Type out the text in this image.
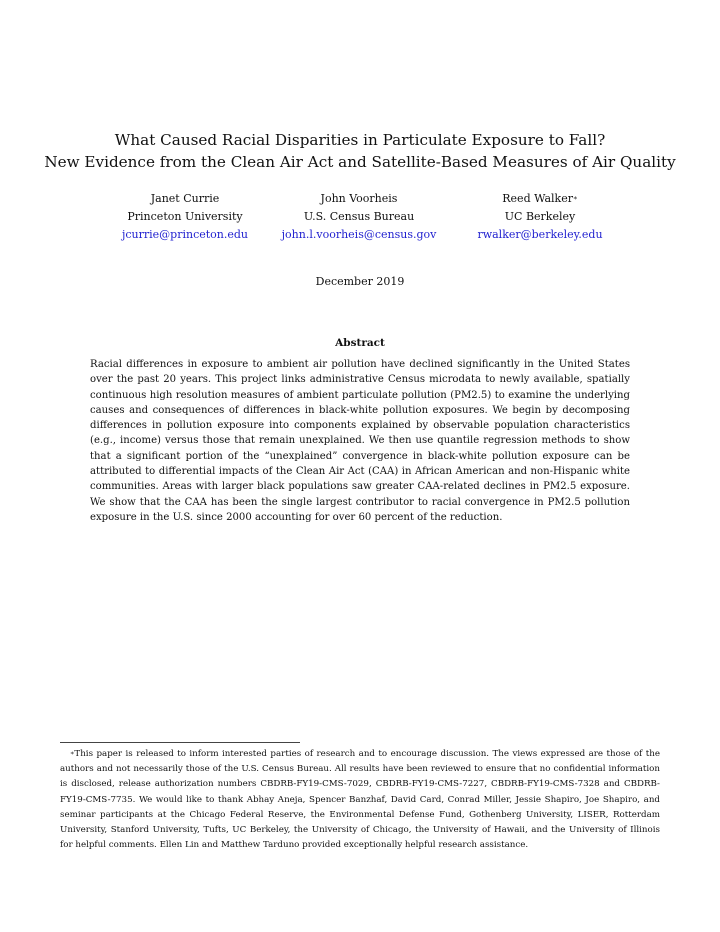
What Caused Racial Disparities in Particulate Exposure to Fall?
New Evidence from the Clean Air Act and Satellite-Based Measures of Air Quality
Janet Currie
Princeton University
jcurrie@princeton.edu
John Voorheis
U.S. Census Bureau
john.l.voorheis@census.gov
Reed Walker∗
UC Berkeley
rwalker@berkeley.edu
December 2019
Abstract
Racial differences in exposure to ambient air pollution have declined significantly in the United States over the past 20 years. This project links administrative Census microdata to newly available, spatially continuous high resolution measures of ambient particulate pollution (PM2.5) to examine the underlying causes and consequences of differences in black-white pollution exposures. We begin by decomposing differences in pollution exposure into components explained by observable population characteristics (e.g., income) versus those that remain unexplained. We then use quantile regression methods to show that a significant portion of the “unexplained” convergence in black-white pollution exposure can be attributed to differential impacts of the Clean Air Act (CAA) in African American and non-Hispanic white communities. Areas with larger black populations saw greater CAA-related declines in PM2.5 exposure. We show that the CAA has been the single largest contributor to racial convergence in PM2.5 pollution exposure in the U.S. since 2000 accounting for over 60 percent of the reduction.
∗This paper is released to inform interested parties of research and to encourage discussion. The views expressed are those of the authors and not necessarily those of the U.S. Census Bureau. All results have been reviewed to ensure that no confidential information is disclosed, release authorization numbers CBDRB-FY19-CMS-7029, CBDRB-FY19-CMS-7227, CBDRB-FY19-CMS-7328 and CBDRB-FY19-CMS-7735. We would like to thank Abhay Aneja, Spencer Banzhaf, David Card, Conrad Miller, Jessie Shapiro, Joe Shapiro, and seminar participants at the Chicago Federal Reserve, the Environmental Defense Fund, Gothenberg University, LISER, Rotterdam University, Stanford University, Tufts, UC Berkeley, the University of Chicago, the University of Hawaii, and the University of Illinois for helpful comments. Ellen Lin and Matthew Tarduno provided exceptionally helpful research assistance.
